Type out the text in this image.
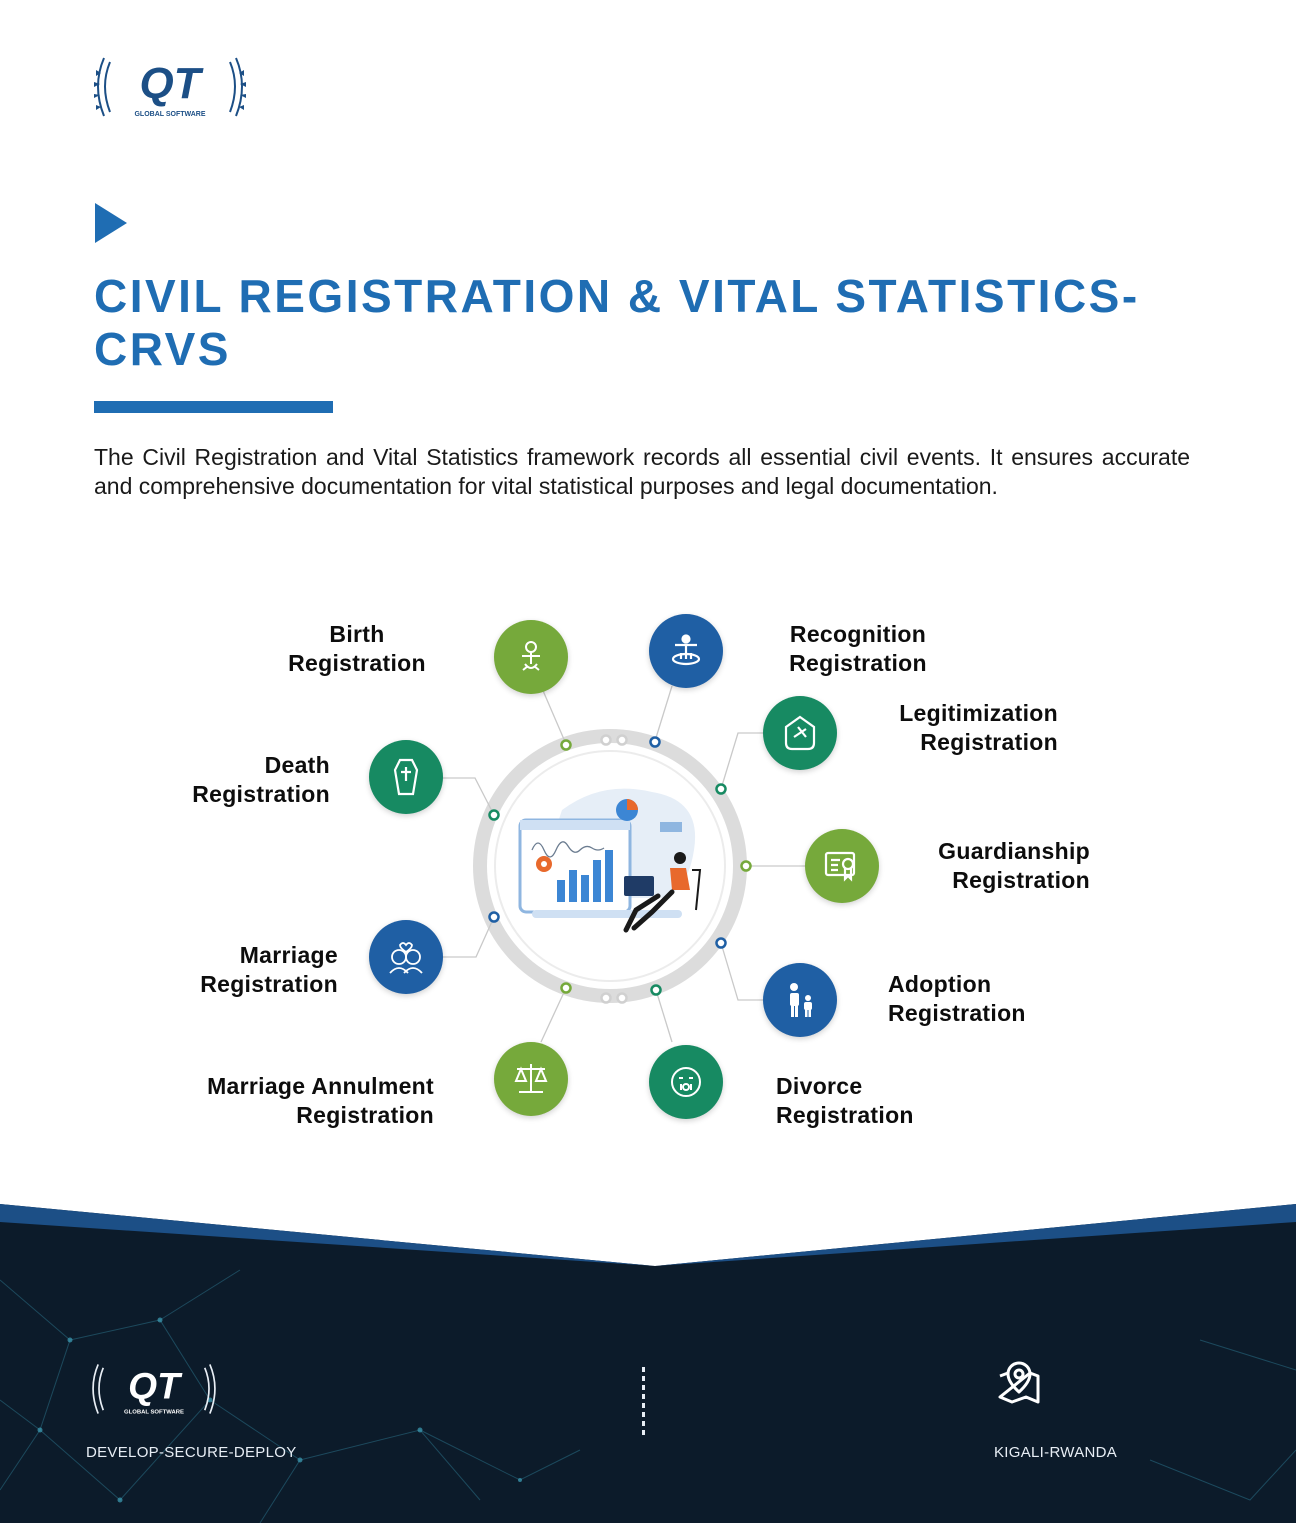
QT
GLOBAL SOFTWARE
CIVIL REGISTRATION & VITAL STATISTICS-CRVS

The Civil Registration and Vital Statistics framework records all essential civil events. It ensures accurate and comprehensive documentation for vital statistical purposes and legal documentation.

Birth
Registration
Recognition
Registration
Legitimization
Registration
Death
Registration
Guardianship
Registration
Marriage
Registration	Adoption
Registration
Marriage Annulment
Registration
Divorce
Registration
QT
GLOBAL SOFTWARE
DEVELOP-SECURE-DEPLOY	KIGALI-RWANDA
